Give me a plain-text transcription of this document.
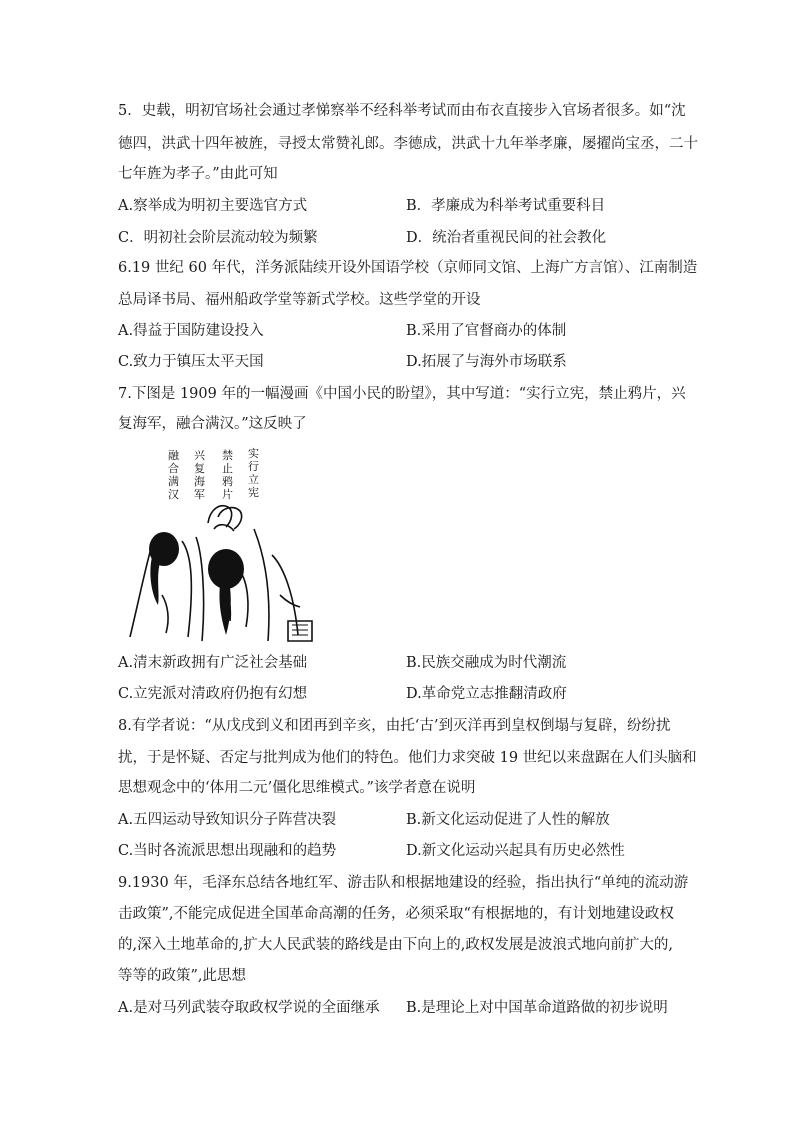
5．史载，明初官场社会通过孝悌察举不经科举考试而由布衣直接步入官场者很多。如“沈
德四，洪武十四年被旌，寻授太常赞礼郎。李德成，洪武十九年举孝廉，屡擢尚宝丞，二十
七年旌为孝子。”由此可知
A.察举成为明初主要选官方式	B．孝廉成为科举考试重要科目
C．明初社会阶层流动较为频繁	D．统治者重视民间的社会教化
6.19 世纪 60 年代，洋务派陆续开设外国语学校（京师同文馆、上海广方言馆）、江南制造
总局译书局、福州船政学堂等新式学校。这些学堂的开设
A.得益于国防建设投入	B.采用了官督商办的体制
C.致力于镇压太平天国	D.拓展了与海外市场联系
7.下图是 1909 年的一幅漫画《中国小民的盼望》，其中写道：“实行立宪，禁止鸦片，兴
复海军，融合满汉。”这反映了
实
行
立
宪
禁
止
鸦
片
兴
复
海
军
融
合
满
汉
A.清末新政拥有广泛社会基础	B.民族交融成为时代潮流
C.立宪派对清政府仍抱有幻想	D.革命党立志推翻清政府
8.有学者说：“从戊戌到义和团再到辛亥，由托‘古’到灭洋再到皇权倒塌与复辟，纷纷扰
扰，于是怀疑、否定与批判成为他们的特色。他们力求突破 19 世纪以来盘踞在人们头脑和
思想观念中的‘体用二元’僵化思维模式。”该学者意在说明
A.五四运动导致知识分子阵营决裂	B.新文化运动促进了人性的解放
C.当时各流派思想出现融和的趋势	D.新文化运动兴起具有历史必然性
9.1930 年，毛泽东总结各地红军、游击队和根据地建设的经验，指出执行“单纯的流动游
击政策”,不能完成促进全国革命高潮的任务，必须采取“有根据地的，有计划地建设政权
的,深入土地革命的,扩大人民武装的路线是由下向上的,政权发展是波浪式地向前扩大的,
等等的政策”,此思想
A.是对马列武装夺取政权学说的全面继承 B.是理论上对中国革命道路做的初步说明
